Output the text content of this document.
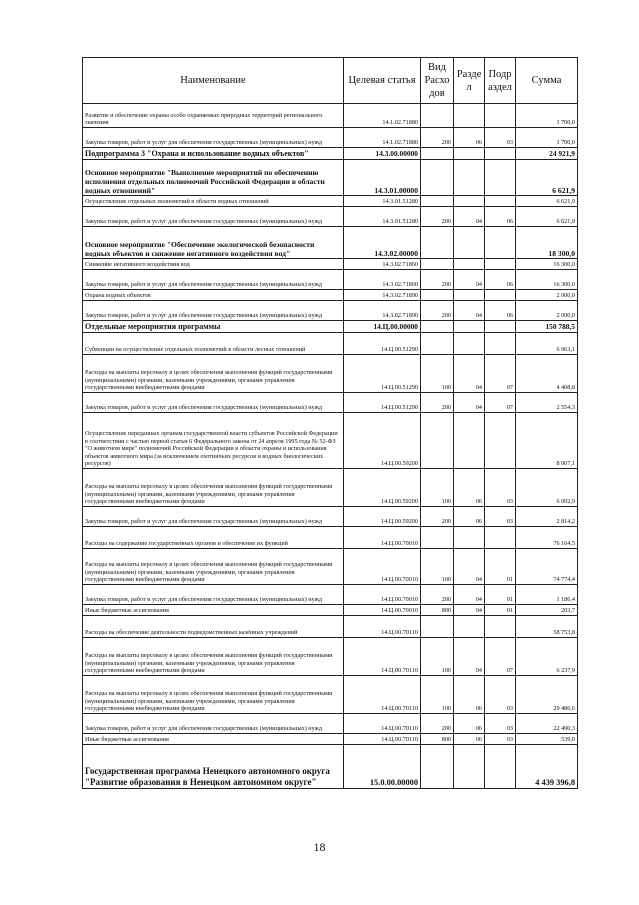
Наименование	Целевая статья	Вид Расхо дов	Разде л	Подр аздел	Сумма
Развитие и обеспечение охраны особо охраняемых природных территорий регионального значения	14.1.02.71880				1 700,0
Закупка товаров, работ и услуг для обеспечения государственных (муниципальных) нужд	14.1.02.71880	200	06	03	1 700,0
Подпрограмма 3 "Охрана и использование водных объектов"	14.3.00.00000				24 921,9
Основное мероприятие "Выполнение мероприятий по обеспечению исполнения отдельных полномочий Российской Федерации в области водных отношений"	14.3.01.00000				6 621,9
Осуществление отдельных полномочий в области водных отношений	14.3.01.51280				6 621,9
Закупка товаров, работ и услуг для обеспечения государственных (муниципальных) нужд	14.3.01.51280	200	04	06	6 621,9
Основное мероприятие "Обеспечение экологической безопасности водных объектов и снижение негативного воздействия вод"	14.3.02.00000				18 300,0
Снижение негативного воздействия вод	14.3.02.71860				16 300,0
Закупка товаров, работ и услуг для обеспечения государственных (муниципальных) нужд	14.3.02.71860	200	04	06	16 300,0
Охрана водных объектов	14.3.02.71890				2 000,0
Закупка товаров, работ и услуг для обеспечения государственных (муниципальных) нужд	14.3.02.71890	200	04	06	2 000,0
Отдельные мероприятия программы	14.Ц.00.00000				150 788,5
Субвенции на осуществление отдельных полномочий в области лесных отношений	14.Ц.00.51290				6 963,1
Расходы на выплаты персоналу в целях обеспечения выполнения функций государственными (муниципальными) органами, казенными учреждениями, органами управления государственными внебюджетными фондами	14.Ц.00.51290	100	04	07	4 408,8
Закупка товаров, работ и услуг для обеспечения государственных (муниципальных) нужд	14.Ц.00.51290	200	04	07	2 554,3
Осуществление переданных органам государственной власти субъектов Российской Федерации в соответствии с частью первой статьи 6 Федерального закона от 24 апреля 1995 года № 52-ФЗ "О животном мире" полномочий Российской Федерации в области охраны и использования объектов животного мира (за исключением охотничьих ресурсов и водных биологических ресурсов)	14.Ц.00.59200				8 907,1
Расходы на выплаты персоналу в целях обеспечения выполнения функций государственными (муниципальными) органами, казенными учреждениями, органами управления государственными внебюджетными фондами	14.Ц.00.59200	100	06	03	6 092,9
Закупка товаров, работ и услуг для обеспечения государственных (муниципальных) нужд	14.Ц.00.59200	200	06	03	2 814,2
Расходы на содержание государственных органов и обеспечение их функций	14.Ц.00.70010				76 164,5
Расходы на выплаты персоналу в целях обеспечения выполнения функций государственными (муниципальными) органами, казенными учреждениями, органами управления государственными внебюджетными фондами	14.Ц.00.70010	100	04	01	74 774,4
Закупка товаров, работ и услуг для обеспечения государственных (муниципальных) нужд	14.Ц.00.70010	200	04	01	1 186,4
Иные бюджетные ассигнования	14.Ц.00.70010	800	04	01	203,7
Расходы на обеспечение деятельности подведомственных казённых учреждений	14.Ц.00.70110				58 753,8
Расходы на выплаты персоналу в целях обеспечения выполнения функций государственными (муниципальными) органами, казенными учреждениями, органами управления государственными внебюджетными фондами	14.Ц.00.70110	100	04	07	6 237,9
Расходы на выплаты персоналу в целях обеспечения выполнения функций государственными (муниципальными) органами, казенными учреждениями, органами управления государственными внебюджетными фондами	14.Ц.00.70110	100	06	03	29 486,6
Закупка товаров, работ и услуг для обеспечения государственных (муниципальных) нужд	14.Ц.00.70110	200	06	03	22 490,3
Иные бюджетные ассигнования	14.Ц.00.70110	800	06	03	539,0
Государственная программа Ненецкого автономного округа "Развитие образования в Ненецком автономном округе"	15.0.00.00000				4 439 396,8
18
